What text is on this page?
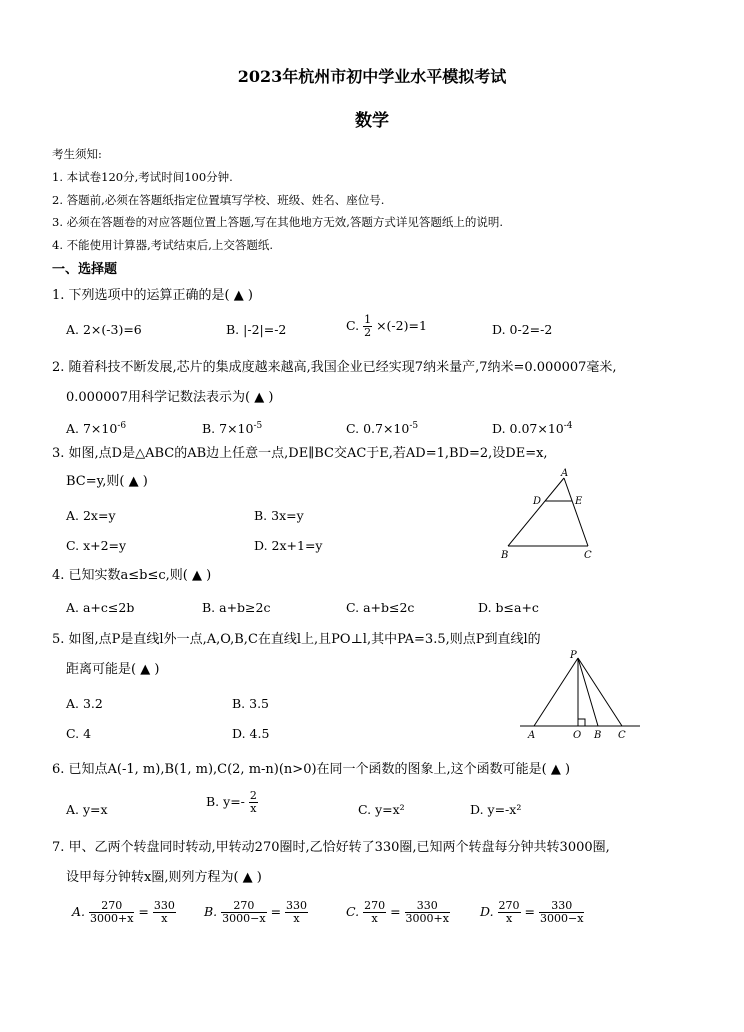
2023年杭州市初中学业水平模拟考试
数学
考生须知:
1. 本试卷120分,考试时间100分钟.
2. 答题前,必须在答题纸指定位置填写学校、班级、姓名、座位号.
3. 必须在答题卷的对应答题位置上答题,写在其他地方无效,答题方式详见答题纸上的说明.
4. 不能使用计算器,考试结束后,上交答题纸.
一、选择题
1. 下列选项中的运算正确的是( ▲ )
A. 2×(-3)=6	B. |-2|=-2	C. $\frac{1}{2} \times(-2)=1$	D. 0-2=-2
2. 随着科技不断发展,芯片的集成度越来越高,我国企业已经实现7纳米量产,7纳米=0.000007毫米,
0.000007用科学记数法表示为( ▲ )
A. $7\times 10^{-6}$	B. $7\times 10^{-5}$	C. $0.7\times 10^{-5}$	D. $0.07\times 10^{-4}$
3. 如图,点D是△ABC的AB边上任意一点,DE∥BC交AC于E,若AD=1,BD=2,设DE=x,
BC=y,则( ▲ )
A. 2x=y	B. 3x=y
C. x+2=y	D. 2x+1=y
A
D	E
B	C
4. 已知实数a≤b≤c,则( ▲ )
A. a+c≤2b	B. a+b≥2c	C. a+b≤2c	D. b≤a+c
5. 如图,点P是直线l外一点,A,O,B,C在直线l上,且PO⊥l,其中PA=3.5,则点P到直线l的
距离可能是( ▲ )
A. 3.2	B. 3.5
C. 4	D. 4.5
P
A	O B C
6. 已知点A(-1, m),B(1, m),C(2, m-n)(n>0)在同一个函数的图象上,这个函数可能是( ▲ )
A. y=x
B. $y=- \frac{2}{x}$	C. y=x²	D. y=-x²
7. 甲、乙两个转盘同时转动,甲转动270圈时,乙恰好转了330圈,已知两个转盘每分钟共转3000圈,
设甲每分钟转x圈,则列方程为( ▲ )
A. $\frac{270}{3000+x} = \frac{330}{x} B$. $\frac{270}{3000-x} = \frac{330}{x}$	C. $\frac{270}{x} = \frac{330}{3000+x} D$. $\frac{270}{x} = \frac{330}{3000-x}$
